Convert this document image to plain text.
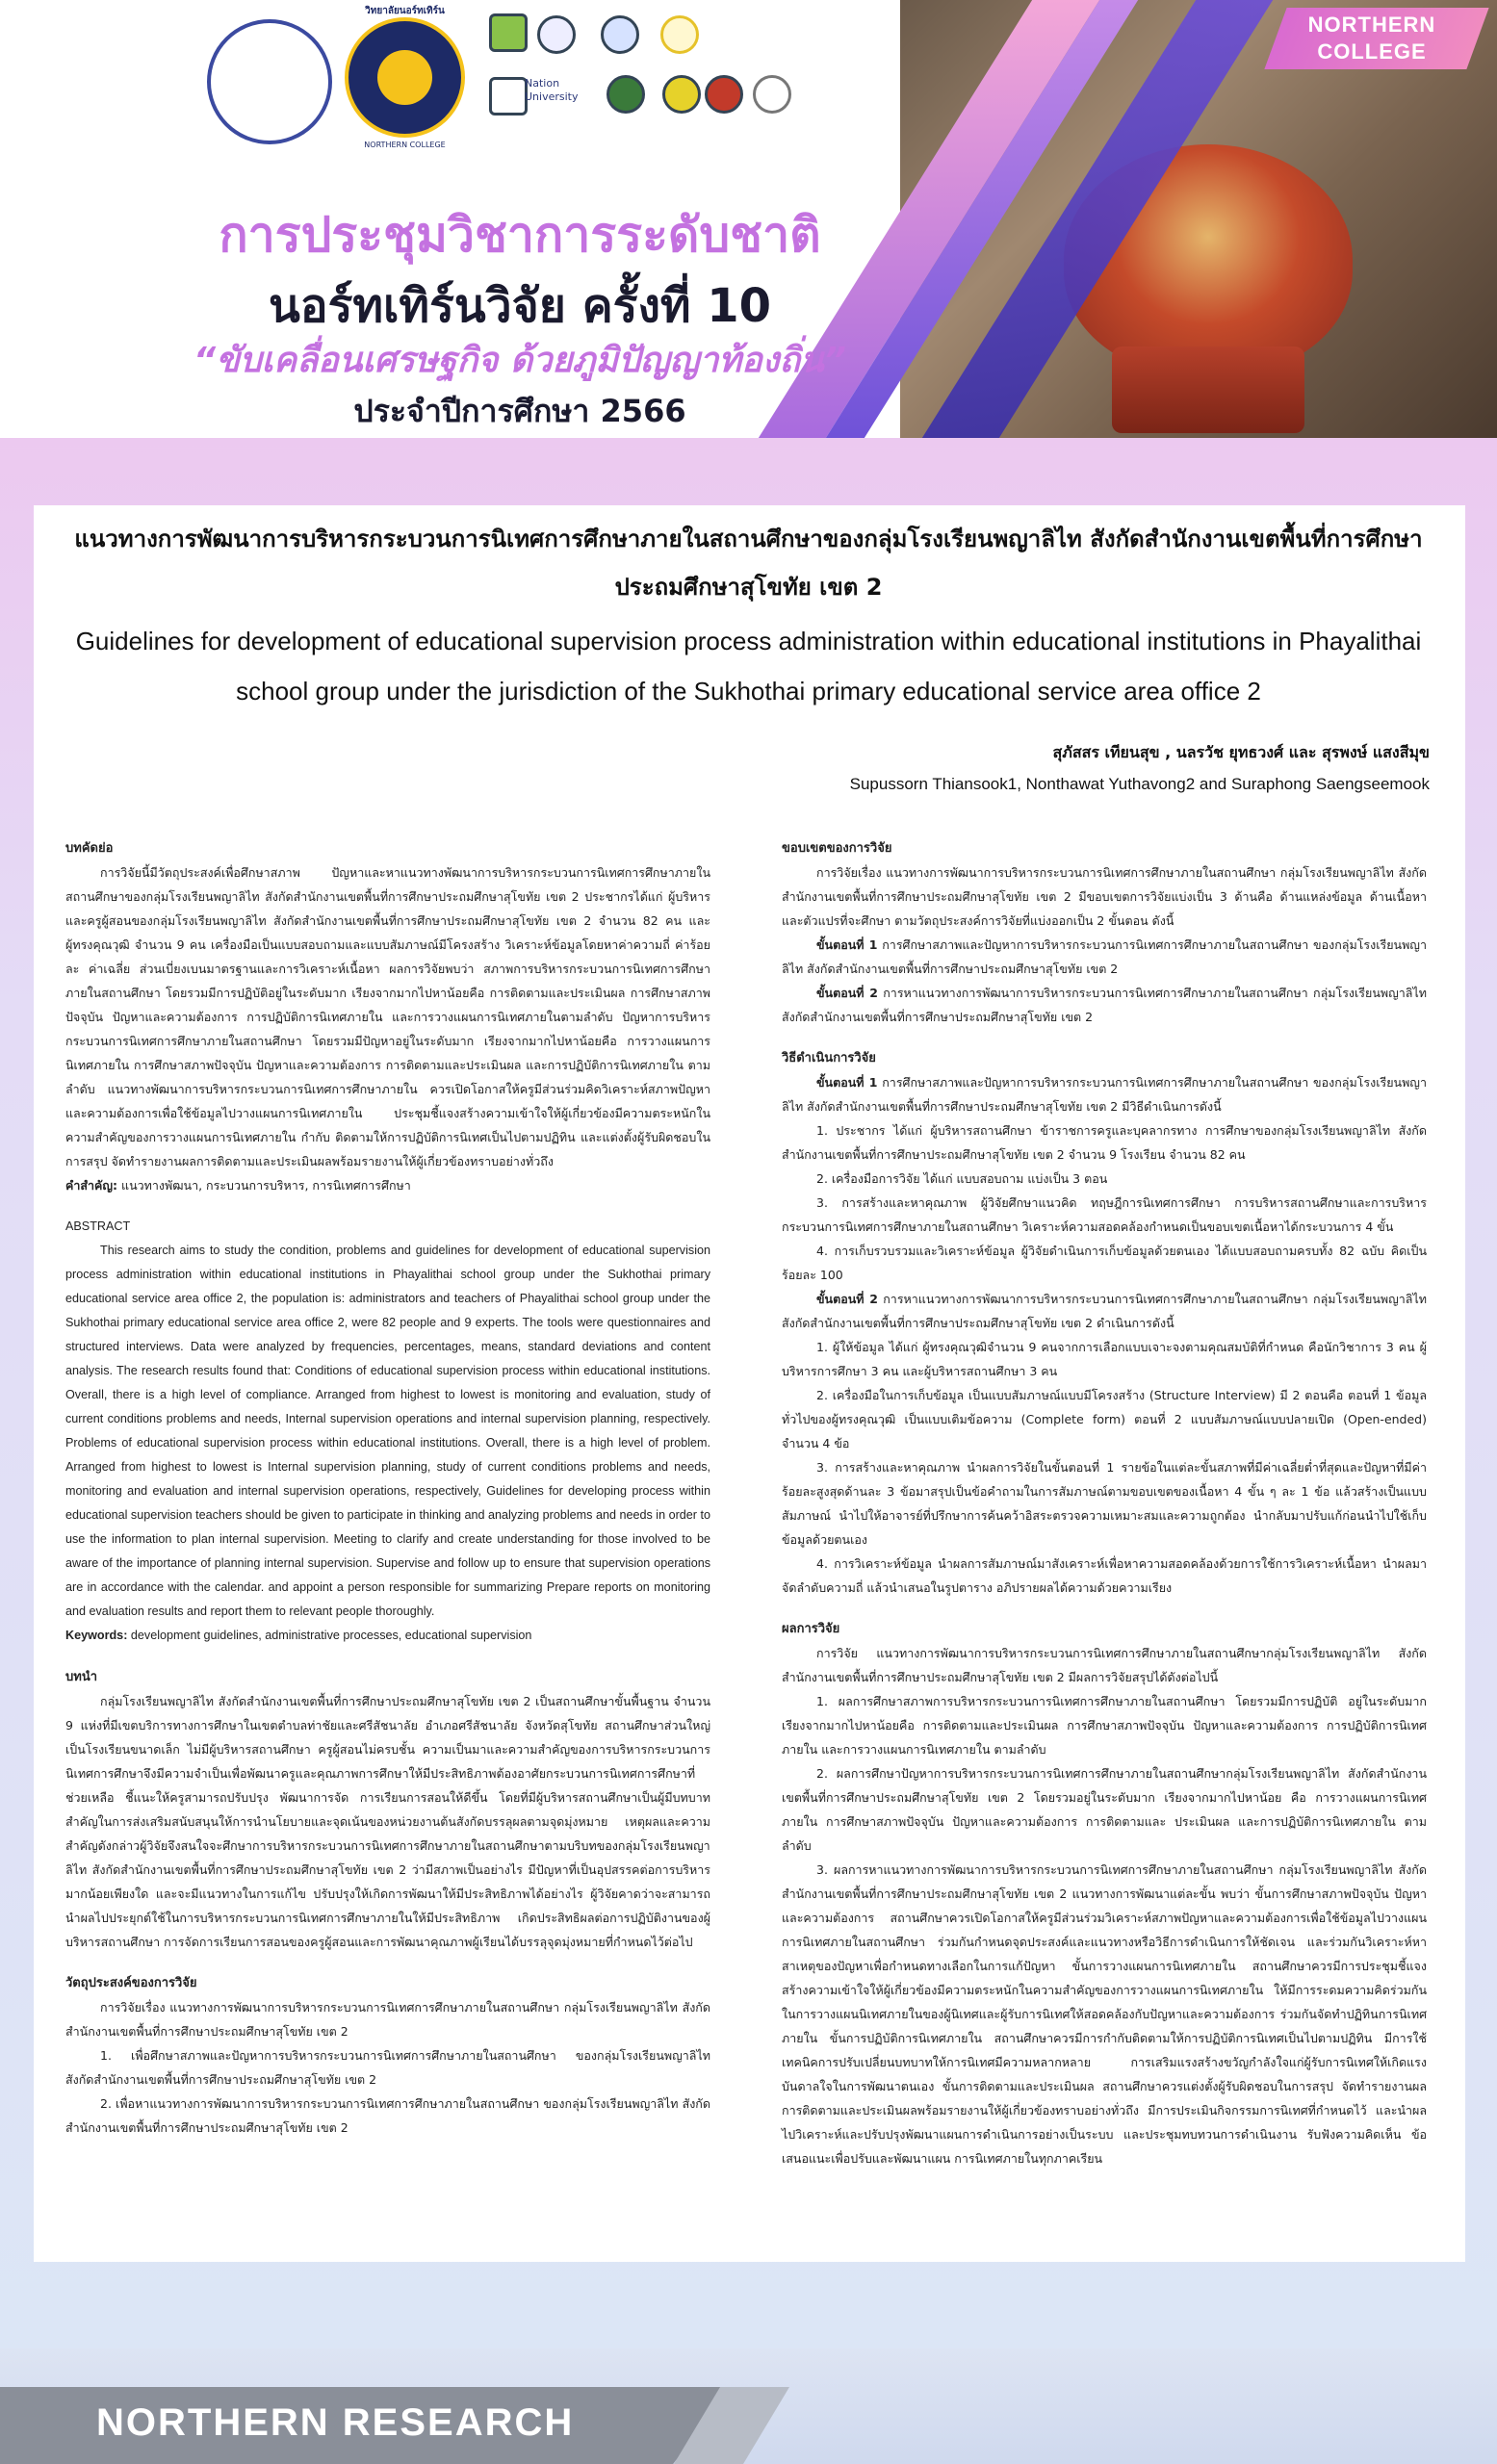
NORTHERN COLLEGE
วิทยาลัยนอร์ทเทิร์น
NORTHERN COLLEGE
Nation University
การประชุมวิชาการระดับชาติ
นอร์ทเทิร์นวิจัย ครั้งที่ 10
“ขับเคลื่อนเศรษฐกิจ ด้วยภูมิปัญญาท้องถิ่น”
ประจำปีการศึกษา 2566
แนวทางการพัฒนาการบริหารกระบวนการนิเทศการศึกษาภายในสถานศึกษาของกลุ่มโรงเรียนพญาลิไท สังกัดสำนักงานเขตพื้นที่การศึกษาประถมศึกษาสุโขทัย เขต 2
Guidelines for development of educational supervision process administration within educational institutions in Phayalithai school group under the jurisdiction of the Sukhothai primary educational service area office 2
สุภัสสร เทียนสุข , นลรวัช ยุทธวงศ์ และ สุรพงษ์ แสงสีมุข
Supussorn Thiansook1, Nonthawat Yuthavong2 and Suraphong Saengseemook
บทคัดย่อ

การวิจัยนี้มีวัตถุประสงค์เพื่อศึกษาสภาพ ปัญหาและหาแนวทางพัฒนาการบริหารกระบวนการนิเทศการศึกษาภายในสถานศึกษาของกลุ่มโรงเรียนพญาลิไท สังกัดสำนักงานเขตพื้นที่การศึกษาประถมศึกษาสุโขทัย เขต 2 ประชากรได้แก่ ผู้บริหารและครูผู้สอนของกลุ่มโรงเรียนพญาลิไท สังกัดสำนักงานเขตพื้นที่การศึกษาประถมศึกษาสุโขทัย เขต 2 จำนวน 82 คน และผู้ทรงคุณวุฒิ จำนวน 9 คน เครื่องมือเป็นแบบสอบถามและแบบสัมภาษณ์มีโครงสร้าง วิเคราะห์ข้อมูลโดยหาค่าความถี่ ค่าร้อยละ ค่าเฉลี่ย ส่วนเบี่ยงเบนมาตรฐานและการวิเคราะห์เนื้อหา ผลการวิจัยพบว่า สภาพการบริหารกระบวนการนิเทศการศึกษาภายในสถานศึกษา โดยรวมมีการปฏิบัติอยู่ในระดับมาก เรียงจากมากไปหาน้อยคือ การติดตามและประเมินผล การศึกษาสภาพปัจจุบัน ปัญหาและความต้องการ การปฏิบัติการนิเทศภายใน และการวางแผนการนิเทศภายในตามลำดับ ปัญหาการบริหารกระบวนการนิเทศการศึกษาภายในสถานศึกษา โดยรวมมีปัญหาอยู่ในระดับมาก เรียงจากมากไปหาน้อยคือ การวางแผนการนิเทศภายใน การศึกษาสภาพปัจจุบัน ปัญหาและความต้องการ การติดตามและประเมินผล และการปฏิบัติการนิเทศภายใน ตามลำดับ แนวทางพัฒนาการบริหารกระบวนการนิเทศการศึกษาภายใน ควรเปิดโอกาสให้ครูมีส่วนร่วมคิดวิเคราะห์สภาพปัญหาและความต้องการเพื่อใช้ข้อมูลไปวางแผนการนิเทศภายใน ประชุมชี้แจงสร้างความเข้าใจให้ผู้เกี่ยวข้องมีความตระหนักในความสำคัญของการวางแผนการนิเทศภายใน กำกับ ติดตามให้การปฏิบัติการนิเทศเป็นไปตามปฏิทิน และแต่งตั้งผู้รับผิดชอบในการสรุป จัดทำรายงานผลการติดตามและประเมินผลพร้อมรายงานให้ผู้เกี่ยวข้องทราบอย่างทั่วถึง

คำสำคัญ: แนวทางพัฒนา, กระบวนการบริหาร, การนิเทศการศึกษา
ABSTRACT

This research aims to study the condition, problems and guidelines for development of educational supervision process administration within educational institutions in Phayalithai school group under the Sukhothai primary educational service area office 2, the population is: administrators and teachers of Phayalithai school group under the Sukhothai primary educational service area office 2, were 82 people and 9 experts. The tools were questionnaires and structured interviews. Data were analyzed by frequencies, percentages, means, standard deviations and content analysis. The research results found that: Conditions of educational supervision process within educational institutions. Overall, there is a high level of compliance. Arranged from highest to lowest is monitoring and evaluation, study of current conditions problems and needs, Internal supervision operations and internal supervision planning, respectively. Problems of educational supervision process within educational institutions. Overall, there is a high level of problem. Arranged from highest to lowest is Internal supervision planning, study of current conditions problems and needs, monitoring and evaluation and internal supervision operations, respectively, Guidelines for developing process within educational supervision teachers should be given to participate in thinking and analyzing problems and needs in order to use the information to plan internal supervision. Meeting to clarify and create understanding for those involved to be aware of the importance of planning internal supervision. Supervise and follow up to ensure that supervision operations are in accordance with the calendar. and appoint a person responsible for summarizing Prepare reports on monitoring and evaluation results and report them to relevant people thoroughly.

Keywords: development guidelines, administrative processes, educational supervision
บทนำ

กลุ่มโรงเรียนพญาลิไท สังกัดสำนักงานเขตพื้นที่การศึกษาประถมศึกษาสุโขทัย เขต 2 เป็นสถานศึกษาขั้นพื้นฐาน จำนวน 9 แห่งที่มีเขตบริการทางการศึกษาในเขตตำบลท่าชัยและศรีสัชนาลัย อำเภอศรีสัชนาลัย จังหวัดสุโขทัย สถานศึกษาส่วนใหญ่เป็นโรงเรียนขนาดเล็ก ไม่มีผู้บริหารสถานศึกษา ครูผู้สอนไม่ครบชั้น ความเป็นมาและความสำคัญของการบริหารกระบวนการนิเทศการศึกษาจึงมีความจำเป็นเพื่อพัฒนาครูและคุณภาพการศึกษาให้มีประสิทธิภาพต้องอาศัยกระบวนการนิเทศการศึกษาที่ช่วยเหลือ ชี้แนะให้ครูสามารถปรับปรุง พัฒนาการจัด การเรียนการสอนให้ดีขึ้น โดยที่มีผู้บริหารสถานศึกษาเป็นผู้มีบทบาทสำคัญในการส่งเสริมสนับสนุนให้การนำนโยบายและจุดเน้นของหน่วยงานต้นสังกัดบรรลุผลตามจุดมุ่งหมาย เหตุผลและความสำคัญดังกล่าวผู้วิจัยจึงสนใจจะศึกษาการบริหารกระบวนการนิเทศการศึกษาภายในสถานศึกษาตามบริบทของกลุ่มโรงเรียนพญาลิไท สังกัดสำนักงานเขตพื้นที่การศึกษาประถมศึกษาสุโขทัย เขต 2 ว่ามีสภาพเป็นอย่างไร มีปัญหาที่เป็นอุปสรรคต่อการบริหารมากน้อยเพียงใด และจะมีแนวทางในการแก้ไข ปรับปรุงให้เกิดการพัฒนาให้มีประสิทธิภาพได้อย่างไร ผู้วิจัยคาดว่าจะสามารถนำผลไปประยุกต์ใช้ในการบริหารกระบวนการนิเทศการศึกษาภายในให้มีประสิทธิภาพ เกิดประสิทธิผลต่อการปฏิบัติงานของผู้บริหารสถานศึกษา การจัดการเรียนการสอนของครูผู้สอนและการพัฒนาคุณภาพผู้เรียนได้บรรลุจุดมุ่งหมายที่กำหนดไว้ต่อไป

วัตถุประสงค์ของการวิจัย

การวิจัยเรื่อง แนวทางการพัฒนาการบริหารกระบวนการนิเทศการศึกษาภายในสถานศึกษา กลุ่มโรงเรียนพญาลิไท สังกัดสำนักงานเขตพื้นที่การศึกษาประถมศึกษาสุโขทัย เขต 2

1. เพื่อศึกษาสภาพและปัญหาการบริหารกระบวนการนิเทศการศึกษาภายในสถานศึกษา ของกลุ่มโรงเรียนพญาลิไท สังกัดสำนักงานเขตพื้นที่การศึกษาประถมศึกษาสุโขทัย เขต 2

2. เพื่อหาแนวทางการพัฒนาการบริหารกระบวนการนิเทศการศึกษาภายในสถานศึกษา ของกลุ่มโรงเรียนพญาลิไท สังกัดสำนักงานเขตพื้นที่การศึกษาประถมศึกษาสุโขทัย เขต 2

ขอบเขตของการวิจัย

การวิจัยเรื่อง แนวทางการพัฒนาการบริหารกระบวนการนิเทศการศึกษาภายในสถานศึกษา กลุ่มโรงเรียนพญาลิไท สังกัดสำนักงานเขตพื้นที่การศึกษาประถมศึกษาสุโขทัย เขต 2 มีขอบเขตการวิจัยแบ่งเป็น 3 ด้านคือ ด้านแหล่งข้อมูล ด้านเนื้อหา และตัวแปรที่จะศึกษา ตามวัตถุประสงค์การวิจัยที่แบ่งออกเป็น 2 ขั้นตอน ดังนี้

ขั้นตอนที่ 1 การศึกษาสภาพและปัญหาการบริหารกระบวนการนิเทศการศึกษาภายในสถานศึกษา ของกลุ่มโรงเรียนพญาลิไท สังกัดสำนักงานเขตพื้นที่การศึกษาประถมศึกษาสุโขทัย เขต 2

ขั้นตอนที่ 2 การหาแนวทางการพัฒนาการบริหารกระบวนการนิเทศการศึกษาภายในสถานศึกษา กลุ่มโรงเรียนพญาลิไท สังกัดสำนักงานเขตพื้นที่การศึกษาประถมศึกษาสุโขทัย เขต 2

วิธีดำเนินการวิจัย

ขั้นตอนที่ 1 การศึกษาสภาพและปัญหาการบริหารกระบวนการนิเทศการศึกษาภายในสถานศึกษา ของกลุ่มโรงเรียนพญาลิไท สังกัดสำนักงานเขตพื้นที่การศึกษาประถมศึกษาสุโขทัย เขต 2 มีวิธีดำเนินการดังนี้

1. ประชากร ได้แก่ ผู้บริหารสถานศึกษา ข้าราชการครูและบุคลากรทาง การศึกษาของกลุ่มโรงเรียนพญาลิไท สังกัดสำนักงานเขตพื้นที่การศึกษาประถมศึกษาสุโขทัย เขต 2 จำนวน 9 โรงเรียน จำนวน 82 คน

2. เครื่องมือการวิจัย ได้แก่ แบบสอบถาม แบ่งเป็น 3 ตอน

3. การสร้างและหาคุณภาพ ผู้วิจัยศึกษาแนวคิด ทฤษฎีการนิเทศการศึกษา การบริหารสถานศึกษาและการบริหารกระบวนการนิเทศการศึกษาภายในสถานศึกษา วิเคราะห์ความสอดคล้องกำหนดเป็นขอบเขตเนื้อหาได้กระบวนการ 4 ขั้น

4. การเก็บรวบรวมและวิเคราะห์ข้อมูล ผู้วิจัยดำเนินการเก็บข้อมูลด้วยตนเอง ได้แบบสอบถามครบทั้ง 82 ฉบับ คิดเป็นร้อยละ 100

ขั้นตอนที่ 2 การหาแนวทางการพัฒนาการบริหารกระบวนการนิเทศการศึกษาภายในสถานศึกษา กลุ่มโรงเรียนพญาลิไท สังกัดสำนักงานเขตพื้นที่การศึกษาประถมศึกษาสุโขทัย เขต 2 ดำเนินการดังนี้

1. ผู้ให้ข้อมูล ได้แก่ ผู้ทรงคุณวุฒิจำนวน 9 คนจากการเลือกแบบเจาะจงตามคุณสมบัติที่กำหนด คือนักวิชาการ 3 คน ผู้บริหารการศึกษา 3 คน และผู้บริหารสถานศึกษา 3 คน

2. เครื่องมือในการเก็บข้อมูล เป็นแบบสัมภาษณ์แบบมีโครงสร้าง (Structure Interview) มี 2 ตอนคือ ตอนที่ 1 ข้อมูลทั่วไปของผู้ทรงคุณวุฒิ เป็นแบบเติมข้อความ (Complete form) ตอนที่ 2 แบบสัมภาษณ์แบบปลายเปิด (Open-ended) จำนวน 4 ข้อ

3. การสร้างและหาคุณภาพ นำผลการวิจัยในขั้นตอนที่ 1 รายข้อในแต่ละขั้นสภาพที่มีค่าเฉลี่ยต่ำที่สุดและปัญหาที่มีค่าร้อยละสูงสุดด้านละ 3 ข้อมาสรุปเป็นข้อคำถามในการสัมภาษณ์ตามขอบเขตของเนื้อหา 4 ขั้น ๆ ละ 1 ข้อ แล้วสร้างเป็นแบบสัมภาษณ์ นำไปให้อาจารย์ที่ปรึกษาการค้นคว้าอิสระตรวจความเหมาะสมและความถูกต้อง นำกลับมาปรับแก้ก่อนนำไปใช้เก็บข้อมูลด้วยตนเอง

4. การวิเคราะห์ข้อมูล นำผลการสัมภาษณ์มาสังเคราะห์เพื่อหาความสอดคล้องด้วยการใช้การวิเคราะห์เนื้อหา นำผลมาจัดลำดับความถี่ แล้วนำเสนอในรูปตาราง อภิปรายผลได้ความด้วยความเรียง

ผลการวิจัย

การวิจัย แนวทางการพัฒนาการบริหารกระบวนการนิเทศการศึกษาภายในสถานศึกษากลุ่มโรงเรียนพญาลิไท สังกัดสำนักงานเขตพื้นที่การศึกษาประถมศึกษาสุโขทัย เขต 2 มีผลการวิจัยสรุปได้ดังต่อไปนี้

1. ผลการศึกษาสภาพการบริหารกระบวนการนิเทศการศึกษาภายในสถานศึกษา โดยรวมมีการปฏิบัติ อยู่ในระดับมาก เรียงจากมากไปหาน้อยคือ การติดตามและประเมินผล การศึกษาสภาพปัจจุบัน ปัญหาและความต้องการ การปฏิบัติการนิเทศภายใน และการวางแผนการนิเทศภายใน ตามลำดับ

2. ผลการศึกษาปัญหาการบริหารกระบวนการนิเทศการศึกษาภายในสถานศึกษากลุ่มโรงเรียนพญาลิไท สังกัดสำนักงานเขตพื้นที่การศึกษาประถมศึกษาสุโขทัย เขต 2 โดยรวมอยู่ในระดับมาก เรียงจากมากไปหาน้อย คือ การวางแผนการนิเทศภายใน การศึกษาสภาพปัจจุบัน ปัญหาและความต้องการ การติดตามและ ประเมินผล และการปฏิบัติการนิเทศภายใน ตามลำดับ

3. ผลการหาแนวทางการพัฒนาการบริหารกระบวนการนิเทศการศึกษาภายในสถานศึกษา กลุ่มโรงเรียนพญาลิไท สังกัดสำนักงานเขตพื้นที่การศึกษาประถมศึกษาสุโขทัย เขต 2 แนวทางการพัฒนาแต่ละขั้น พบว่า ขั้นการศึกษาสภาพปัจจุบัน ปัญหาและความต้องการ สถานศึกษาควรเปิดโอกาสให้ครูมีส่วนร่วมวิเคราะห์สภาพปัญหาและความต้องการเพื่อใช้ข้อมูลไปวางแผนการนิเทศภายในสถานศึกษา ร่วมกันกำหนดจุดประสงค์และแนวทางหรือวิธีการดำเนินการให้ชัดเจน และร่วมกันวิเคราะห์หาสาเหตุของปัญหาเพื่อกำหนดทางเลือกในการแก้ปัญหา ขั้นการวางแผนการนิเทศภายใน สถานศึกษาควรมีการประชุมชี้แจงสร้างความเข้าใจให้ผู้เกี่ยวข้องมีความตระหนักในความสำคัญของการวางแผนการนิเทศภายใน ให้มีการระดมความคิดร่วมกันในการวางแผนนิเทศภายในของผู้นิเทศและผู้รับการนิเทศให้สอดคล้องกับปัญหาและความต้องการ ร่วมกันจัดทำปฏิทินการนิเทศภายใน ขั้นการปฏิบัติการนิเทศภายใน สถานศึกษาควรมีการกำกับติดตามให้การปฏิบัติการนิเทศเป็นไปตามปฏิทิน มีการใช้เทคนิคการปรับเปลี่ยนบทบาทให้การนิเทศมีความหลากหลาย การเสริมแรงสร้างขวัญกำลังใจแก่ผู้รับการนิเทศให้เกิดแรงบันดาลใจในการพัฒนาตนเอง ขั้นการติดตามและประเมินผล สถานศึกษาควรแต่งตั้งผู้รับผิดชอบในการสรุป จัดทำรายงานผลการติดตามและประเมินผลพร้อมรายงานให้ผู้เกี่ยวข้องทราบอย่างทั่วถึง มีการประเมินกิจกรรมการนิเทศที่กำหนดไว้ และนำผลไปวิเคราะห์และปรับปรุงพัฒนาแผนการดำเนินการอย่างเป็นระบบ และประชุมทบทวนการดำเนินงาน รับฟังความคิดเห็น ข้อเสนอแนะเพื่อปรับและพัฒนาแผน การนิเทศภายในทุกภาคเรียน

NORTHERN RESEARCH
